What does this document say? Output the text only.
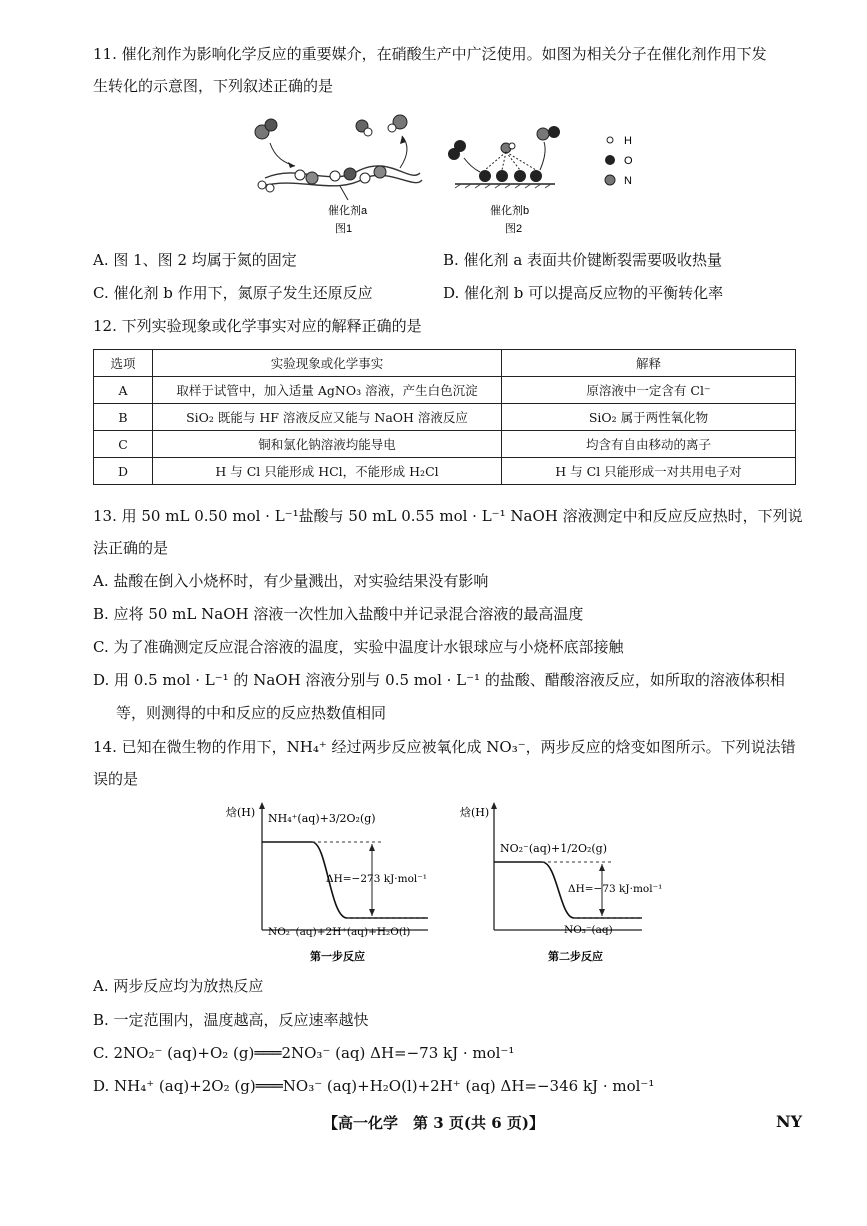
11. 催化剂作为影响化学反应的重要媒介，在硝酸生产中广泛使用。如图为相关分子在催化剂作用下发
生转化的示意图，下列叙述正确的是
催化剂a
图1
催化剂b
图2
H
O
N
A. 图 1、图 2 均属于氮的固定	B. 催化剂 a 表面共价键断裂需要吸收热量
C. 催化剂 b 作用下，氮原子发生还原反应	D. 催化剂 b 可以提高反应物的平衡转化率
12. 下列实验现象或化学事实对应的解释正确的是
选项	实验现象或化学事实	解释
A	取样于试管中，加入适量 AgNO₃ 溶液，产生白色沉淀	原溶液中一定含有 Cl⁻
B	SiO₂ 既能与 HF 溶液反应又能与 NaOH 溶液反应	SiO₂ 属于两性氧化物
C	铜和氯化钠溶液均能导电	均含有自由移动的离子
D	H 与 Cl 只能形成 HCl，不能形成 H₂Cl	H 与 Cl 只能形成一对共用电子对
13. 用 50 mL 0.50 mol · L⁻¹盐酸与 50 mL 0.55 mol · L⁻¹ NaOH 溶液测定中和反应反应热时，下列说
法正确的是
A. 盐酸在倒入小烧杯时，有少量溅出，对实验结果没有影响
B. 应将 50 mL NaOH 溶液一次性加入盐酸中并记录混合溶液的最高温度
C. 为了准确测定反应混合溶液的温度，实验中温度计水银球应与小烧杯底部接触
D. 用 0.5 mol · L⁻¹ 的 NaOH 溶液分别与 0.5 mol · L⁻¹ 的盐酸、醋酸溶液反应，如所取的溶液体积相
等，则测得的中和反应的反应热数值相同
14. 已知在微生物的作用下，NH₄⁺ 经过两步反应被氧化成 NO₃⁻，两步反应的焓变如图所示。下列说法错
误的是
焓(H) NH₄⁺(aq)+3/2O₂(g)
ΔH=−273 kJ·mol⁻¹
NO₂⁻(aq)+2H⁺(aq)+H₂O(l)
第一步反应
焓(H)
NO₂⁻(aq)+1/2O₂(g)
ΔH=−73 kJ·mol⁻¹
NO₃⁻(aq)
第二步反应
A. 两步反应均为放热反应
B. 一定范围内，温度越高，反应速率越快
C. 2NO₂⁻ (aq)+O₂ (g)═══2NO₃⁻ (aq) ΔH=−73 kJ · mol⁻¹
D. NH₄⁺ (aq)+2O₂ (g)═══NO₃⁻ (aq)+H₂O(l)+2H⁺ (aq) ΔH=−346 kJ · mol⁻¹
【高一化学　第 3 页(共 6 页)】	NY
